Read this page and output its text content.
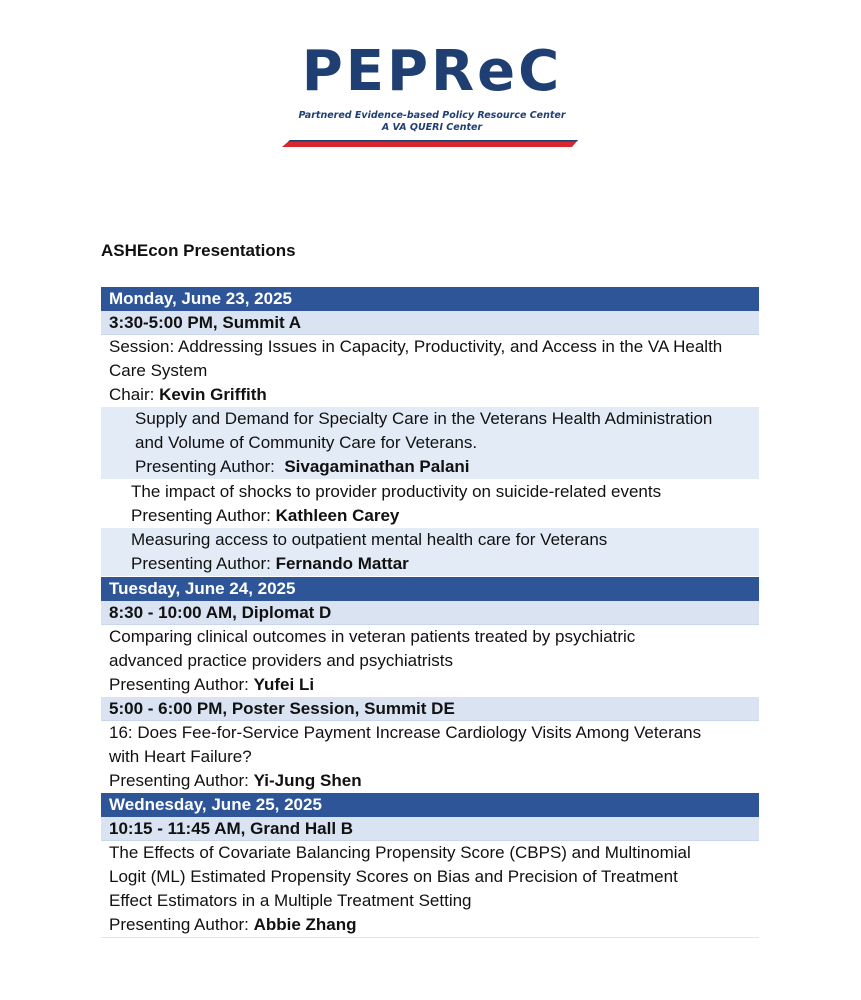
PEPReC
Partnered Evidence-based Policy Resource Center
A VA QUERI Center
ASHEcon Presentations
Monday, June 23, 2025
3:30-5:00 PM, Summit A
Session: Addressing Issues in Capacity, Productivity, and Access in the VA Health
Care System
Chair: Kevin Griffith
Supply and Demand for Specialty Care in the Veterans Health Administration
and Volume of Community Care for Veterans.
Presenting Author:  Sivagaminathan Palani
The impact of shocks to provider productivity on suicide-related events
Presenting Author: Kathleen Carey
Measuring access to outpatient mental health care for Veterans
Presenting Author: Fernando Mattar
Tuesday, June 24, 2025
8:30 - 10:00 AM, Diplomat D
Comparing clinical outcomes in veteran patients treated by psychiatric
advanced practice providers and psychiatrists
Presenting Author: Yufei Li
5:00 - 6:00 PM, Poster Session, Summit DE
16: Does Fee-for-Service Payment Increase Cardiology Visits Among Veterans
with Heart Failure?
Presenting Author: Yi-Jung Shen
Wednesday, June 25, 2025
10:15 - 11:45 AM, Grand Hall B
The Effects of Covariate Balancing Propensity Score (CBPS) and Multinomial
Logit (ML) Estimated Propensity Scores on Bias and Precision of Treatment
Effect Estimators in a Multiple Treatment Setting
Presenting Author: Abbie Zhang
